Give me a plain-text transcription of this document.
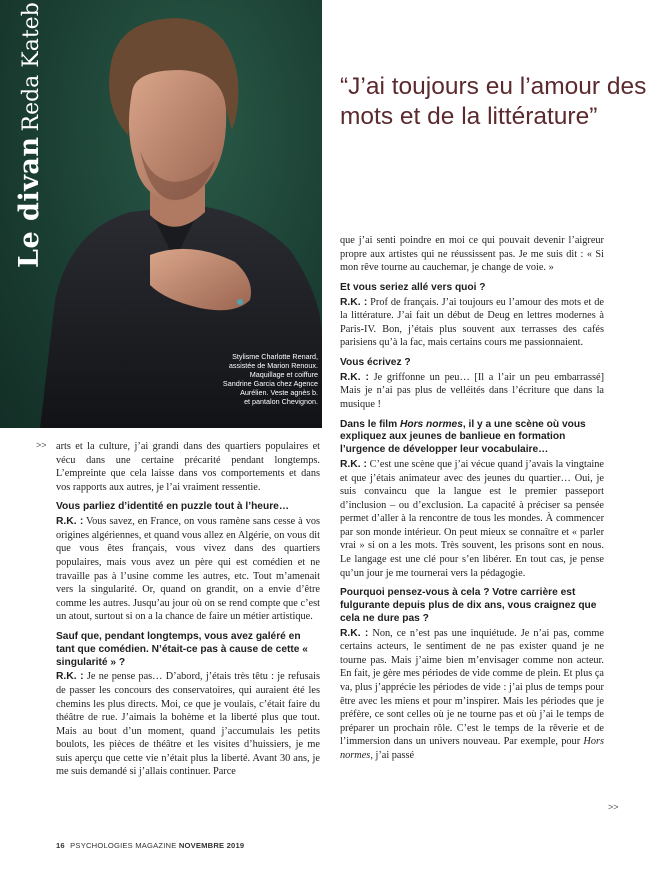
Le divanReda Kateb
Stylisme Charlotte Renard,
assistée de Marion Renoux.
Maquillage et coiffure
Sandrine Garcia chez Agence
Aurélien. Veste agnès b.
et pantalon Chevignon.
“J’ai toujours eu l’amour des mots et de la littérature”
>> arts et la culture, j’ai grandi dans des quartiers populaires et vécu dans une certaine précarité pendant longtemps. L’empreinte que cela laisse dans vos comportements et dans vos rapports aux autres, je l’ai vraiment ressentie.

Vous parliez d’identité en puzzle tout à l’heure…

R.K. : Vous savez, en France, on vous ramène sans cesse à vos origines algériennes, et quand vous allez en Algérie, on vous dit que vous êtes français, vous vivez dans des quartiers populaires, mais vous avez un père qui est comédien et ne travaille pas à l’usine comme les autres, etc. Tout m’amenait vers la singularité. Or, quand on grandit, on a envie d’être comme les autres. Jusqu’au jour où on se rend compte que c’est un atout, surtout si on a la chance de faire un métier artistique.

Sauf que, pendant longtemps, vous avez galéré en tant que comédien. N’était-ce pas à cause de cette « singularité » ?

R.K. : Je ne pense pas… D’abord, j’étais très têtu : je refusais de passer les concours des conservatoires, qui auraient été les chemins les plus directs. Moi, ce que je voulais, c’était faire du théâtre de rue. J’aimais la bohème et la liberté plus que tout. Mais au bout d’un moment, quand j’accumulais les petits boulots, les pièces de théâtre et les visites d’huissiers, je me suis aperçu que cette vie n’était plus la liberté. Avant 30 ans, je me suis demandé si j’allais continuer. Parce

que j’ai senti poindre en moi ce qui pouvait devenir l’aigreur propre aux artistes qui ne réussissent pas. Je me suis dit : « Si mon rêve tourne au cauchemar, je change de voie. »

Et vous seriez allé vers quoi ?

R.K. : Prof de français. J’ai toujours eu l’amour des mots et de la littérature. J’ai fait un début de Deug en lettres modernes à Paris-IV. Bon, j’étais plus souvent aux terrasses des cafés parisiens qu’à la fac, mais certains cours me passionnaient.

Vous écrivez ?

R.K. : Je griffonne un peu… [Il a l’air un peu embarrassé] Mais je n’ai pas plus de velléités dans l’écriture que dans la musique !

Dans le film Hors normes, il y a une scène où vous expliquez aux jeunes de banlieue en formation l’urgence de développer leur vocabulaire…

R.K. : C’est une scène que j’ai vécue quand j’avais la vingtaine et que j’étais animateur avec des jeunes du quartier… Oui, je suis convaincu que la langue est le premier passeport d’inclusion – ou d’exclusion. La capacité à préciser sa pensée permet d’aller à la rencontre de tous les mondes. À commencer par son monde intérieur. On peut mieux se connaître et « parler vrai » si on a les mots. Très souvent, les prisons sont en nous. Le langage est une clé pour s’en libérer. En tout cas, je pense qu’un jour je me tournerai vers la pédagogie.

Pourquoi pensez-vous à cela ? Votre carrière est fulgurante depuis plus de dix ans, vous craignez que cela ne dure pas ?

R.K. : Non, ce n’est pas une inquiétude. Je n’ai pas, comme certains acteurs, le sentiment de ne pas exister quand je ne tourne pas. Mais j’aime bien m’envisager comme non acteur. En fait, je gère mes périodes de vide comme de plein. Et plus ça va, plus j’apprécie les périodes de vide : j’ai plus de temps pour être avec les miens et pour m’inspirer. Mais les périodes que je préfère, ce sont celles où je ne tourne pas et où j’ai le temps de préparer un prochain rôle. C’est le temps de la rêverie et de l’immersion dans un univers nouveau. Par exemple, pour Hors normes, j’ai passé

>>
16 PSYCHOLOGIES MAGAZINE NOVEMBRE 2019
